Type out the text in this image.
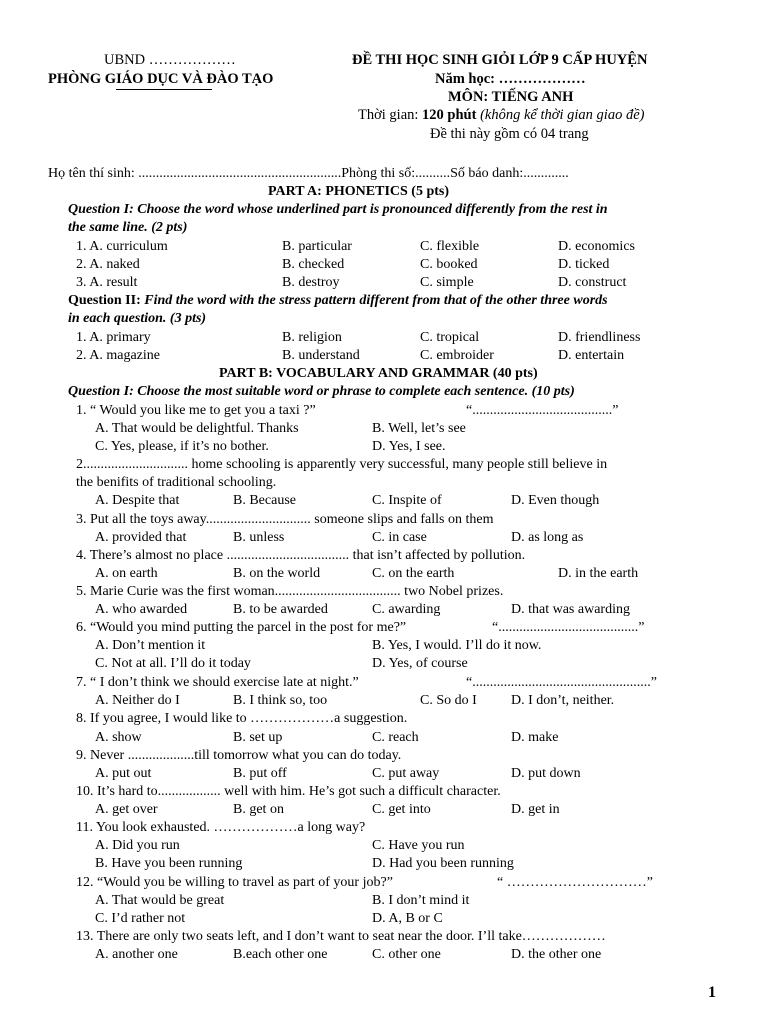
UBND ………………
PHÒNG GIÁO DỤC VÀ ĐÀO TẠO
ĐỀ THI HỌC SINH GIỎI LỚP 9 CẤP HUYỆN
Năm học: ………………
MÔN: TIẾNG ANH
Thời gian: 120 phút (không kể thời gian giao đề)
Đề thi này gồm có 04 trang
Họ tên thí sinh: ..........................................................Phòng thi số:..........Số báo danh:.............
PART A: PHONETICS (5 pts)
Question I: Choose the word whose underlined part is pronounced differently from the rest in
the same line. (2 pts)
1. A. curriculum	B. particular	C. flexible	D. economics
2. A. naked	B. checked	C. booked	D. ticked
3. A. result	B. destroy	C. simple	D. construct
Question II: Find the word with the stress pattern different from that of the other three words
in each question. (3 pts)
1. A. primary	B. religion	C. tropical	D. friendliness
2. A. magazine	B. understand	C. embroider	D. entertain
PART B: VOCABULARY AND GRAMMAR (40 pts)
Question I: Choose the most suitable word or phrase to complete each sentence. (10 pts)
1. “ Would you like me to get you a taxi ?”	“........................................”
A. That would be delightful. Thanks	B. Well, let’s see
C. Yes, please, if it’s no bother.	D. Yes, I see.
2.............................. home schooling is apparently very successful, many people still believe in
the benifits of traditional schooling.
A. Despite that	B. Because	C. Inspite of	D. Even though
3. Put all the toys away.............................. someone slips and falls on them
A. provided that	B. unless	C. in case	D. as long as
4. There’s almost no place ................................... that isn’t affected by pollution.
A. on earth	B. on the world	C. on the earth	D. in the earth
5. Marie Curie was the first woman.................................... two Nobel prizes.
A. who awarded	B. to be awarded	C. awarding	D. that was awarding
6. “Would you mind putting the parcel in the post for me?”	“........................................”
A. Don’t mention it	B. Yes, I would. I’ll do it now.
C. Not at all. I’ll do it today	D. Yes, of course
7. “ I don’t think we should exercise late at night.”	“...................................................”
A. Neither do I	B. I think so, too	C. So do I D. I don’t, neither.
8. If you agree, I would like to ………………a suggestion.
A. show	B. set up	C. reach	D. make
9. Never ...................till tomorrow what you can do today.
A. put out	B. put off	C. put away	D. put down
10. It’s hard to.................. well with him. He’s got such a difficult character.
A. get over	B. get on	C. get into	D. get in
11. You look exhausted. ………………a long way?
A. Did you run	C. Have you run
B. Have you been running	D. Had you been running
12. “Would you be willing to travel as part of your job?”	“ …………………………”
A. That would be great	B. I don’t mind it
C. I’d rather not	D. A, B or C
13. There are only two seats left, and I don’t want to seat near the door. I’ll take………………
A. another one	B.each other one	C. other one	D. the other one
1
